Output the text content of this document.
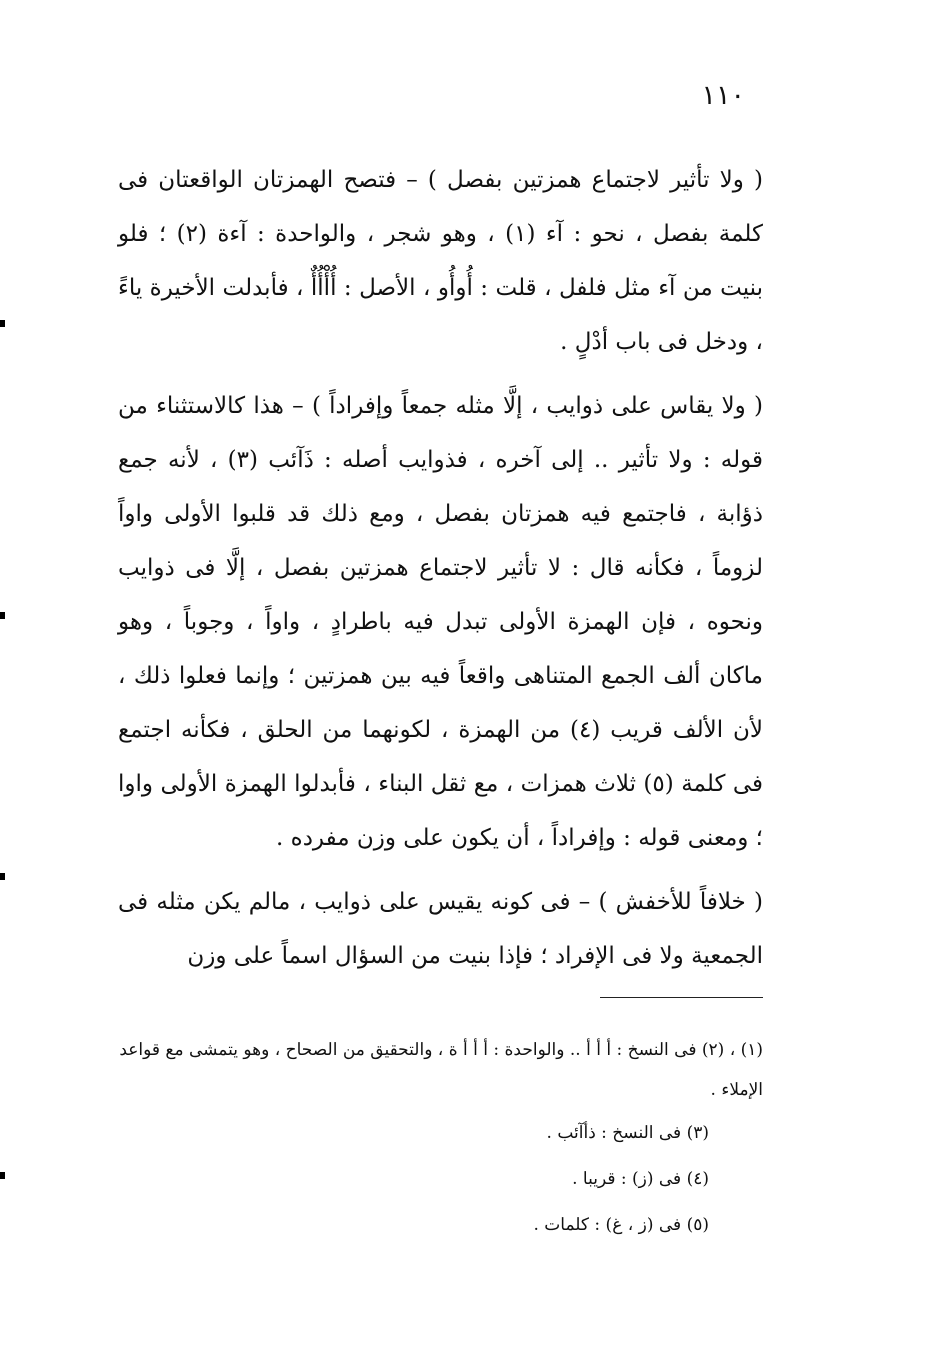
١١٠

( ولا تأثير لاجتماع همزتين بفصل ) – فتصح الهمزتان الواقعتان فى كلمة بفصل ، نحو : آء (١) ، وهو شجر ، والواحدة : آءة (٢) ؛ فلو بنيت من آء مثل فلفل ، قلت : أُوأُو ، الأصل : أُأْأُأٌ ، فأبدلت الأخيرة ياءً ، ودخل فى باب أدْلٍ .

( ولا يقاس على ذوايب ، إلَّا مثله جمعاً وإفراداً ) – هذا كالاستثناء من قوله : ولا تأثير .. إلى آخره ، فذوايب أصله : ذَآئب (٣) ، لأنه جمع ذؤابة ، فاجتمع فيه همزتان بفصل ، ومع ذلك قد قلبوا الأولى واواً لزوماً ، فكأنه قال : لا تأثير لاجتماع همزتين بفصل ، إلَّا فى ذوايب ونحوه ، فإن الهمزة الأولى تبدل فيه باطرادٍ ، واواً ، وجوباً ، وهو ماكان ألف الجمع المتناهى واقعاً فيه بين همزتين ؛ وإنما فعلوا ذلك ، لأن الألف قريب (٤) من الهمزة ، لكونهما من الحلق ، فكأنه اجتمع فى كلمة (٥) ثلاث همزات ، مع ثقل البناء ، فأبدلوا الهمزة الأولى واوا ؛ ومعنى قوله : وإفراداً ، أن يكون على وزن مفرده .

( خلافاً للأخفش ) – فى كونه يقيس على ذوايب ، مالم يكن مثله فى الجمعية ولا فى الإفراد ؛ فإذا بنيت من السؤال اسماً على وزن

(١) ، (٢) فى النسخ : أ أ أ .. والواحدة : أ أ أ ة ، والتحقيق من الصحاح ، وهو يتمشى مع قواعد الإملاء .

(٣) فى النسخ : ذأآئب .

(٤) فى (ز) : قريبا .

(٥) فى (ز ، غ) : كلمات .
